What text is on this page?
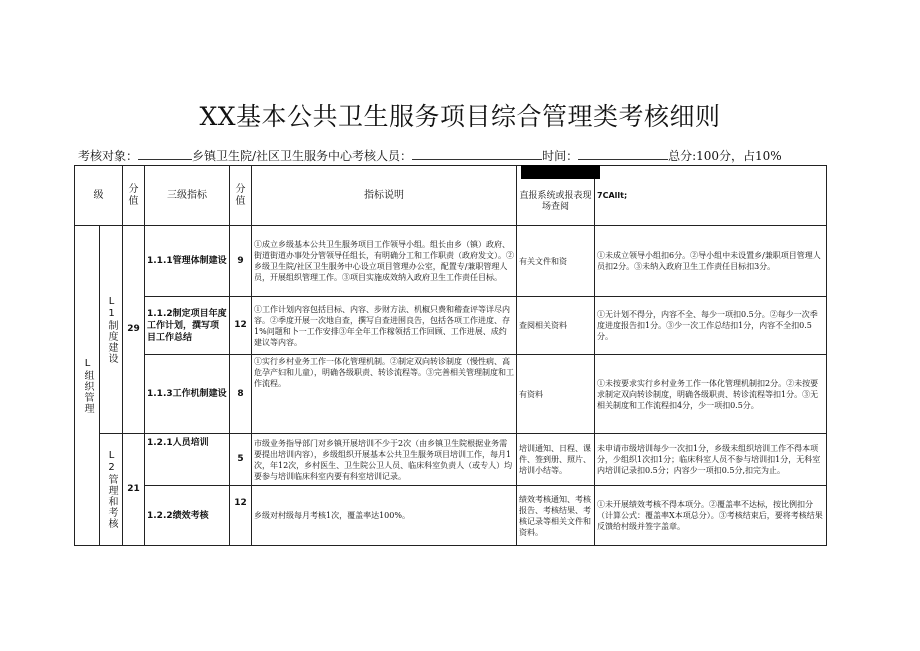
XX基本公共卫生服务项目综合管理类考核细则
考核对象：	乡镇卫生院/社区卫生服务中心考核人员：	时间：	总分:100分，占10%
级		分值	三级指标	分值	指标说明	直报系统或报表现场查阅	7CAllt;

L组织管理	L1制度建设	29	1.1.1管理体制建设	9	①成立乡级基本公共卫生服务项目工作领导小组。组长由乡（镇）政府、街道街道办事处分管领导任组长，有明确分工和工作职责（政府发文）。②乡级卫生院/社区卫生服务中心设立项目管理办公室，配置专/兼职管理人员，开展组织管理工作。③项目实施成效纳入政府卫生工作责任目标。	有关文件和资	①未成立领导小组扣6分。②导小组中未设置乡/兼职项目管理人员扣2分。③未纳入政府卫生工作责任目标扣3分。
			1.1.2制定项目年度工作计划，撰写项目工作总结	12	①工作计划内容包括目标、内容、步财方法、机椒只费和稽查评等详尽内容。②季度开展一次地自查，撰写自查进围良告，包括各项工作进度、存1%问题和卜一工作安排③年全年工作稼领括工作回顾、工作进展、成约建议等内容。	查阅相关资料	①无计划不得分，内容不全、每少一项扣0.5分。②每少一次季度进度报告扣1分。③少一次工作总结扣1分，内容不全扣0.5分。
			1.1.3工作机制建设	8	①实行乡村业务工作一体化管理机制。②制定双向转诊制度（慢性病、高危孕产妇和儿童），明确各级职责、转诊流程等。③完善相关管理制度和工作流程。	有资料	①未按要求实行乡村业务工作一体化管理机制扣2分。②未按要求制定双向转诊制度，明确各级职责、转诊流程等扣1分。③无相关制度和工作流程扣4分，少一项扣0.5分。

	L2管理和考核	21	1.2.1人员培训	5	市级业务指导部门对乡镇开展培训不少于2次（由乡镇卫生院根据业务需要提出培训内容），乡级组织开展基本公共卫生服务项目培训工作，每月1次，年12次，乡村医生、卫生院公卫人员、临床科室负责人（或专人）均要参与培训临床科室内要有科室培训记录。	培训通知、日程、课件、签到册、照片、培训小结等。	未申请市级培训每少一次扣1分，乡级未组织培训工作不得本项分，少组织1次扣1分；临床科室人员不参与培训扣1分，无科室内培训记录扣0.5分；内容少一项扣0.5分,扣完为止。
			1.2.2绩效考核	12	乡级对村级每月考核1次，覆盖率达100%。	绩效考核通知、考核报告、考核结果、考核记录等相关文件和资料。	①未开展绩效考核不得本项分。②覆盖率不达标，按比例扣分（计算公式：覆盖率X本项总分）。③考核结束后，要将考核结果反馈给村级并签字盖章。
